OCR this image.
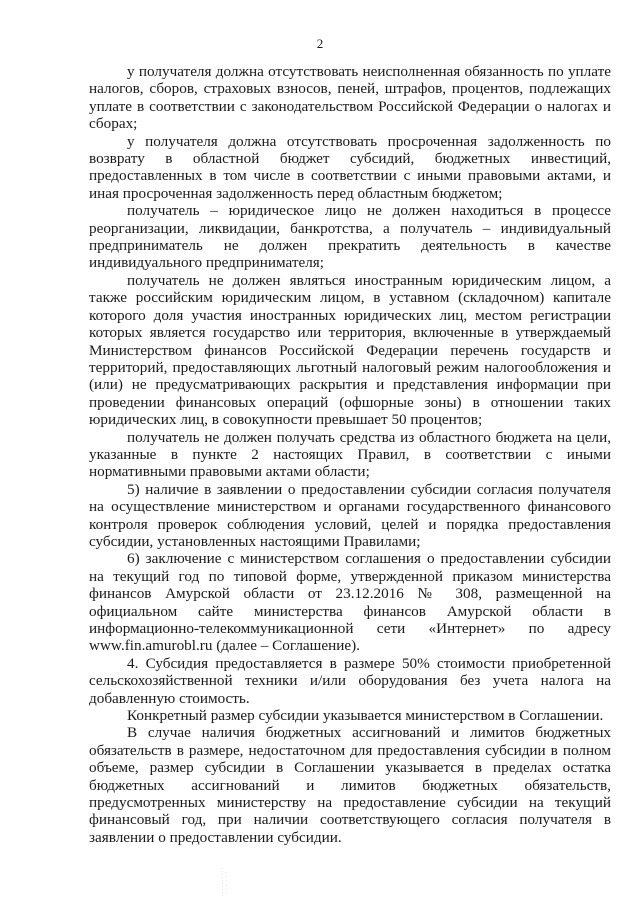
2

у получателя должна отсутствовать неисполненная обязанность по уплате налогов, сборов, страховых взносов, пеней, штрафов, процентов, подлежащих уплате в соответствии с законодательством Российской Федерации о налогах и сборах;

у получателя должна отсутствовать просроченная задолженность по возврату в областной бюджет субсидий, бюджетных инвестиций, предоставленных в том числе в соответствии с иными правовыми актами, и иная просроченная задолженность перед областным бюджетом;

получатель – юридическое лицо не должен находиться в процессе реорганизации, ликвидации, банкротства, а получатель – индивидуальный предприниматель не должен прекратить деятельность в качестве индивидуального предпринимателя;

получатель не должен являться иностранным юридическим лицом, а также российским юридическим лицом, в уставном (складочном) капитале которого доля участия иностранных юридических лиц, местом регистрации которых является государство или территория, включенные в утверждаемый Министерством финансов Российской Федерации перечень государств и территорий, предоставляющих льготный налоговый режим налогообложения и (или) не предусматривающих раскрытия и представления информации при проведении финансовых операций (офшорные зоны) в отношении таких юридических лиц, в совокупности превышает 50 процентов;

получатель не должен получать средства из областного бюджета на цели, указанные в пункте 2 настоящих Правил, в соответствии с иными нормативными правовыми актами области;

5) наличие в заявлении о предоставлении субсидии согласия получателя на осуществление министерством и органами государственного финансового контроля проверок соблюдения условий, целей и порядка предоставления субсидии, установленных настоящими Правилами;

6) заключение с министерством соглашения о предоставлении субсидии на текущий год по типовой форме, утвержденной приказом министерства финансов Амурской области от 23.12.2016 № 308, размещенной на официальном сайте министерства финансов Амурской области в информационно-телекоммуникационной сети «Интернет» по адресу www.fin.amurobl.ru (далее – Соглашение).

4. Субсидия предоставляется в размере 50% стоимости приобретенной сельскохозяйственной техники и/или оборудования без учета налога на добавленную стоимость.

Конкретный размер субсидии указывается министерством в Соглашении.

В случае наличия бюджетных ассигнований и лимитов бюджетных обязательств в размере, недостаточном для предоставления субсидии в полном объеме, размер субсидии в Соглашении указывается в пределах остатка бюджетных ассигнований и лимитов бюджетных обязательств, предусмотренных министерству на предоставление субсидии на текущий финансовый год, при наличии соответствующего согласия получателя в заявлении о предоставлении субсидии.
